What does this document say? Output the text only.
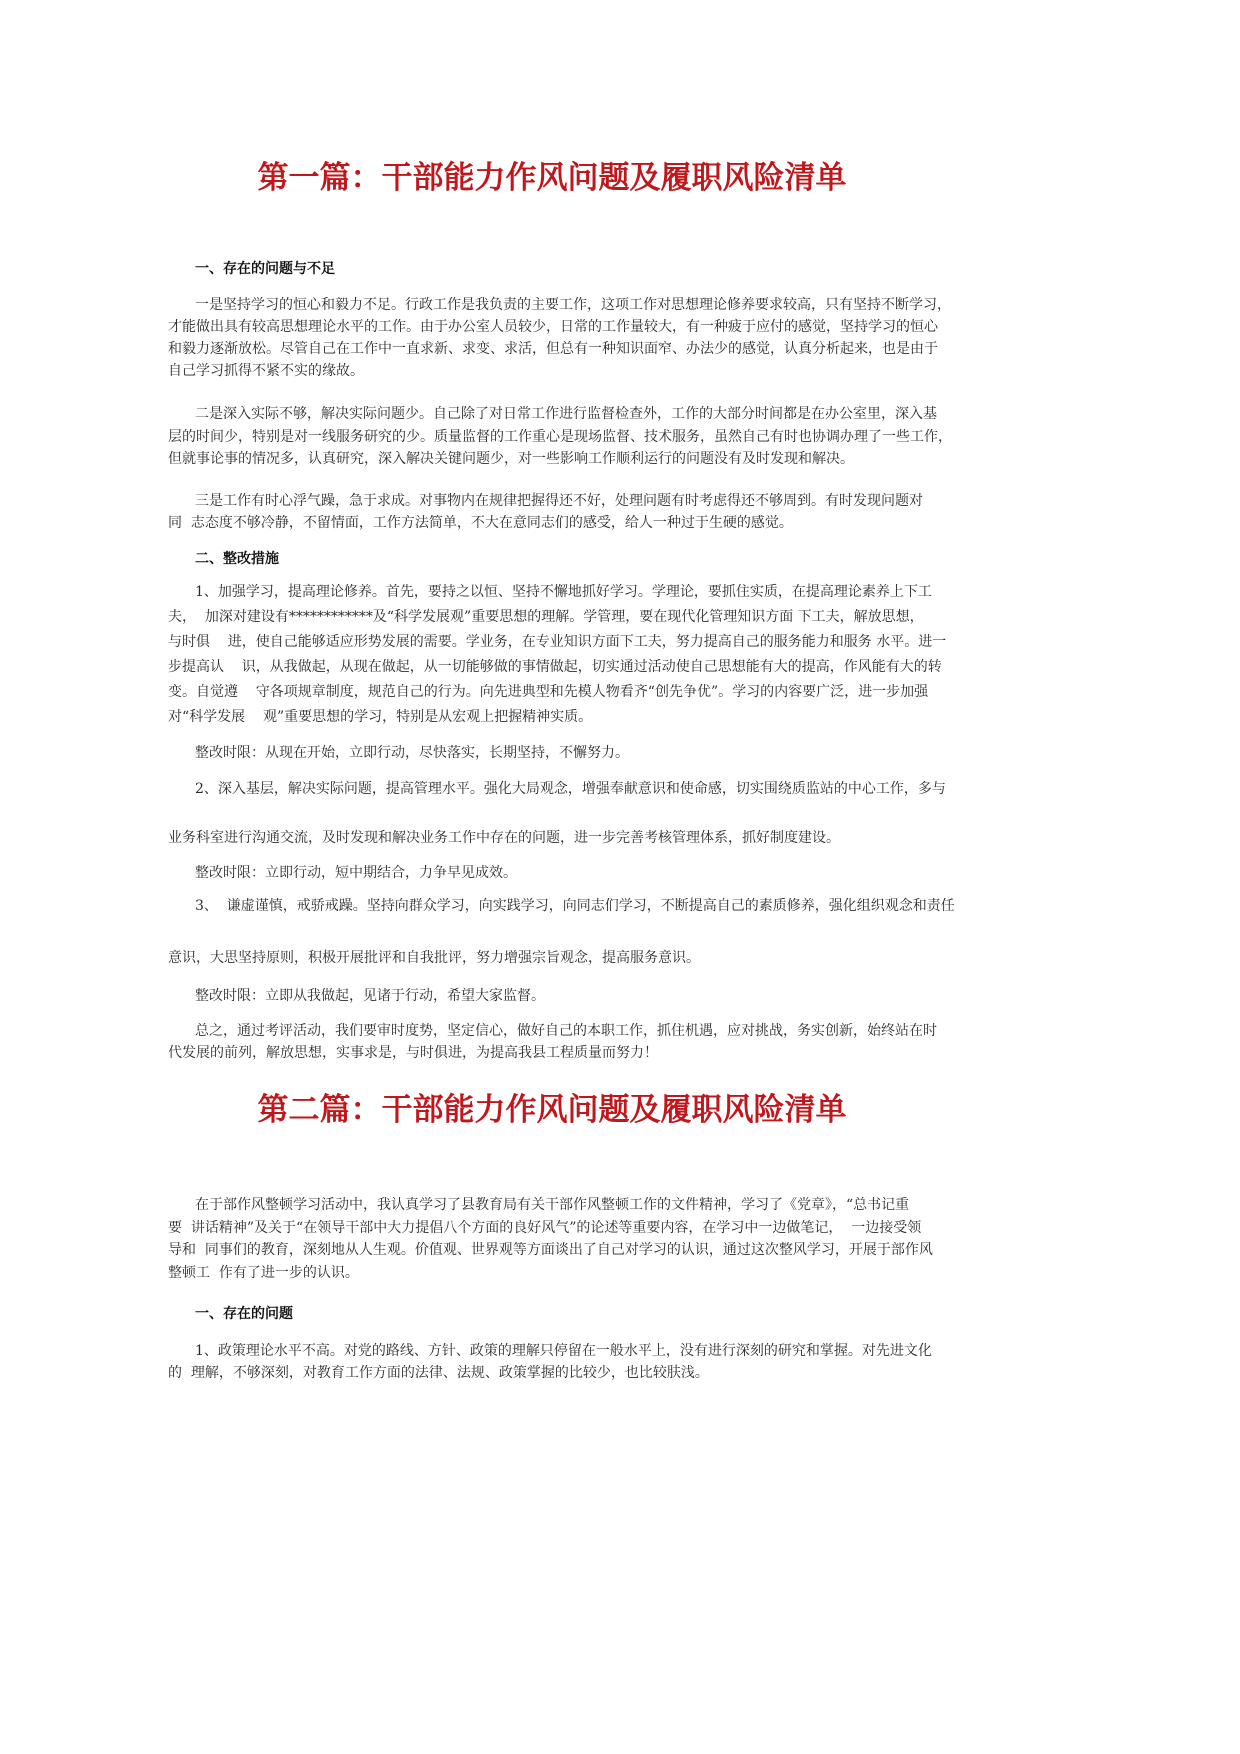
第一篇：干部能力作风问题及履职风险清单
一、存在的问题与不足
一是坚持学习的恒心和毅力不足。行政工作是我负责的主要工作，这项工作对思想理论修养要求较高，只有坚持不断学习，
才能做出具有较高思想理论水平的工作。由于办公室人员较少，日常的工作量较大，有一种疲于应付的感觉，坚持学习的恒心
和毅力逐渐放松。尽管自己在工作中一直求新、求变、求活，但总有一种知识面窄、办法少的感觉，认真分析起来，也是由于
自己学习抓得不紧不实的缘故。
二是深入实际不够，解决实际问题少。自己除了对日常工作进行监督检查外，工作的大部分时间都是在办公室里，深入基
层的时间少，特别是对一线服务研究的少。质量监督的工作重心是现场监督、技术服务，虽然自己有时也协调办理了一些工作，
但就事论事的情况多，认真研究，深入解决关键问题少，对一些影响工作顺利运行的问题没有及时发现和解决。
三是工作有时心浮气躁，急于求成。对事物内在规律把握得还不好，处理问题有时考虑得还不够周到。有时发现问题对
同  志态度不够冷静，不留情面，工作方法简单，不大在意同志们的感受，给人一种过于生硬的感觉。
二、整改措施
1、加强学习，提高理论修养。首先，要持之以恒、坚持不懈地抓好学习。学理论，要抓住实质，在提高理论素养上下工
夫，  加深对建设有************及“科学发展观”重要思想的理解。学管理，要在现代化管理知识方面 下工夫，解放思想，
与时俱    进，使自己能够适应形势发展的需要。学业务，在专业知识方面下工夫，努力提高自己的服务能力和服务 水平。进一
步提高认    识，从我做起，从现在做起，从一切能够做的事情做起，切实通过活动使自己思想能有大的提高，作风能有大的转
变。自觉遵    守各项规章制度，规范自己的行为。向先进典型和先模人物看齐“创先争优”。学习的内容要广泛，进一步加强
对“科学发展    观”重要思想的学习，特别是从宏观上把握精神实质。
整改时限：从现在开始，立即行动，尽快落实，长期坚持，不懈努力。
2、深入基层，解决实际问题，提高管理水平。强化大局观念，增强奉献意识和使命感，切实围绕质监站的中心工作，多与
业务科室进行沟通交流，及时发现和解决业务工作中存在的问题，进一步完善考核管理体系，抓好制度建设。
整改时限：立即行动，短中期结合，力争早见成效。
3、  谦虚谨慎，戒骄戒躁。坚持向群众学习，向实践学习，向同志们学习，不断提高自己的素质修养，强化组织观念和责任
意识，大思坚持原则，积极开展批评和自我批评，努力增强宗旨观念，提高服务意识。
整改时限：立即从我做起，见诸于行动，希望大家监督。
总之，通过考评活动，我们要审时度势，坚定信心，做好自己的本职工作，抓住机遇，应对挑战，务实创新，始终站在时
代发展的前列，解放思想，实事求是，与时俱进，为提高我县工程质量而努力！
第二篇：干部能力作风问题及履职风险清单
在于部作风整顿学习活动中，我认真学习了县教育局有关干部作风整顿工作的文件精神，学习了《党章》，“总书记重
要  讲话精神”及关于“在领导干部中大力提倡八个方面的良好风气”的论述等重要内容，在学习中一边做笔记，  一边接受领
导和  同事们的教育，深刻地从人生观。价值观、世界观等方面谈出了自己对学习的认识，通过这次整风学习，开展于部作风
整顿工  作有了进一步的认识。
一、存在的问题
1、政策理论水平不高。对党的路线、方针、政策的理解只停留在一般水平上，没有进行深刻的研究和掌握。对先进文化
的  理解，不够深刻，对教育工作方面的法律、法规、政策掌握的比较少，也比较肤浅。
